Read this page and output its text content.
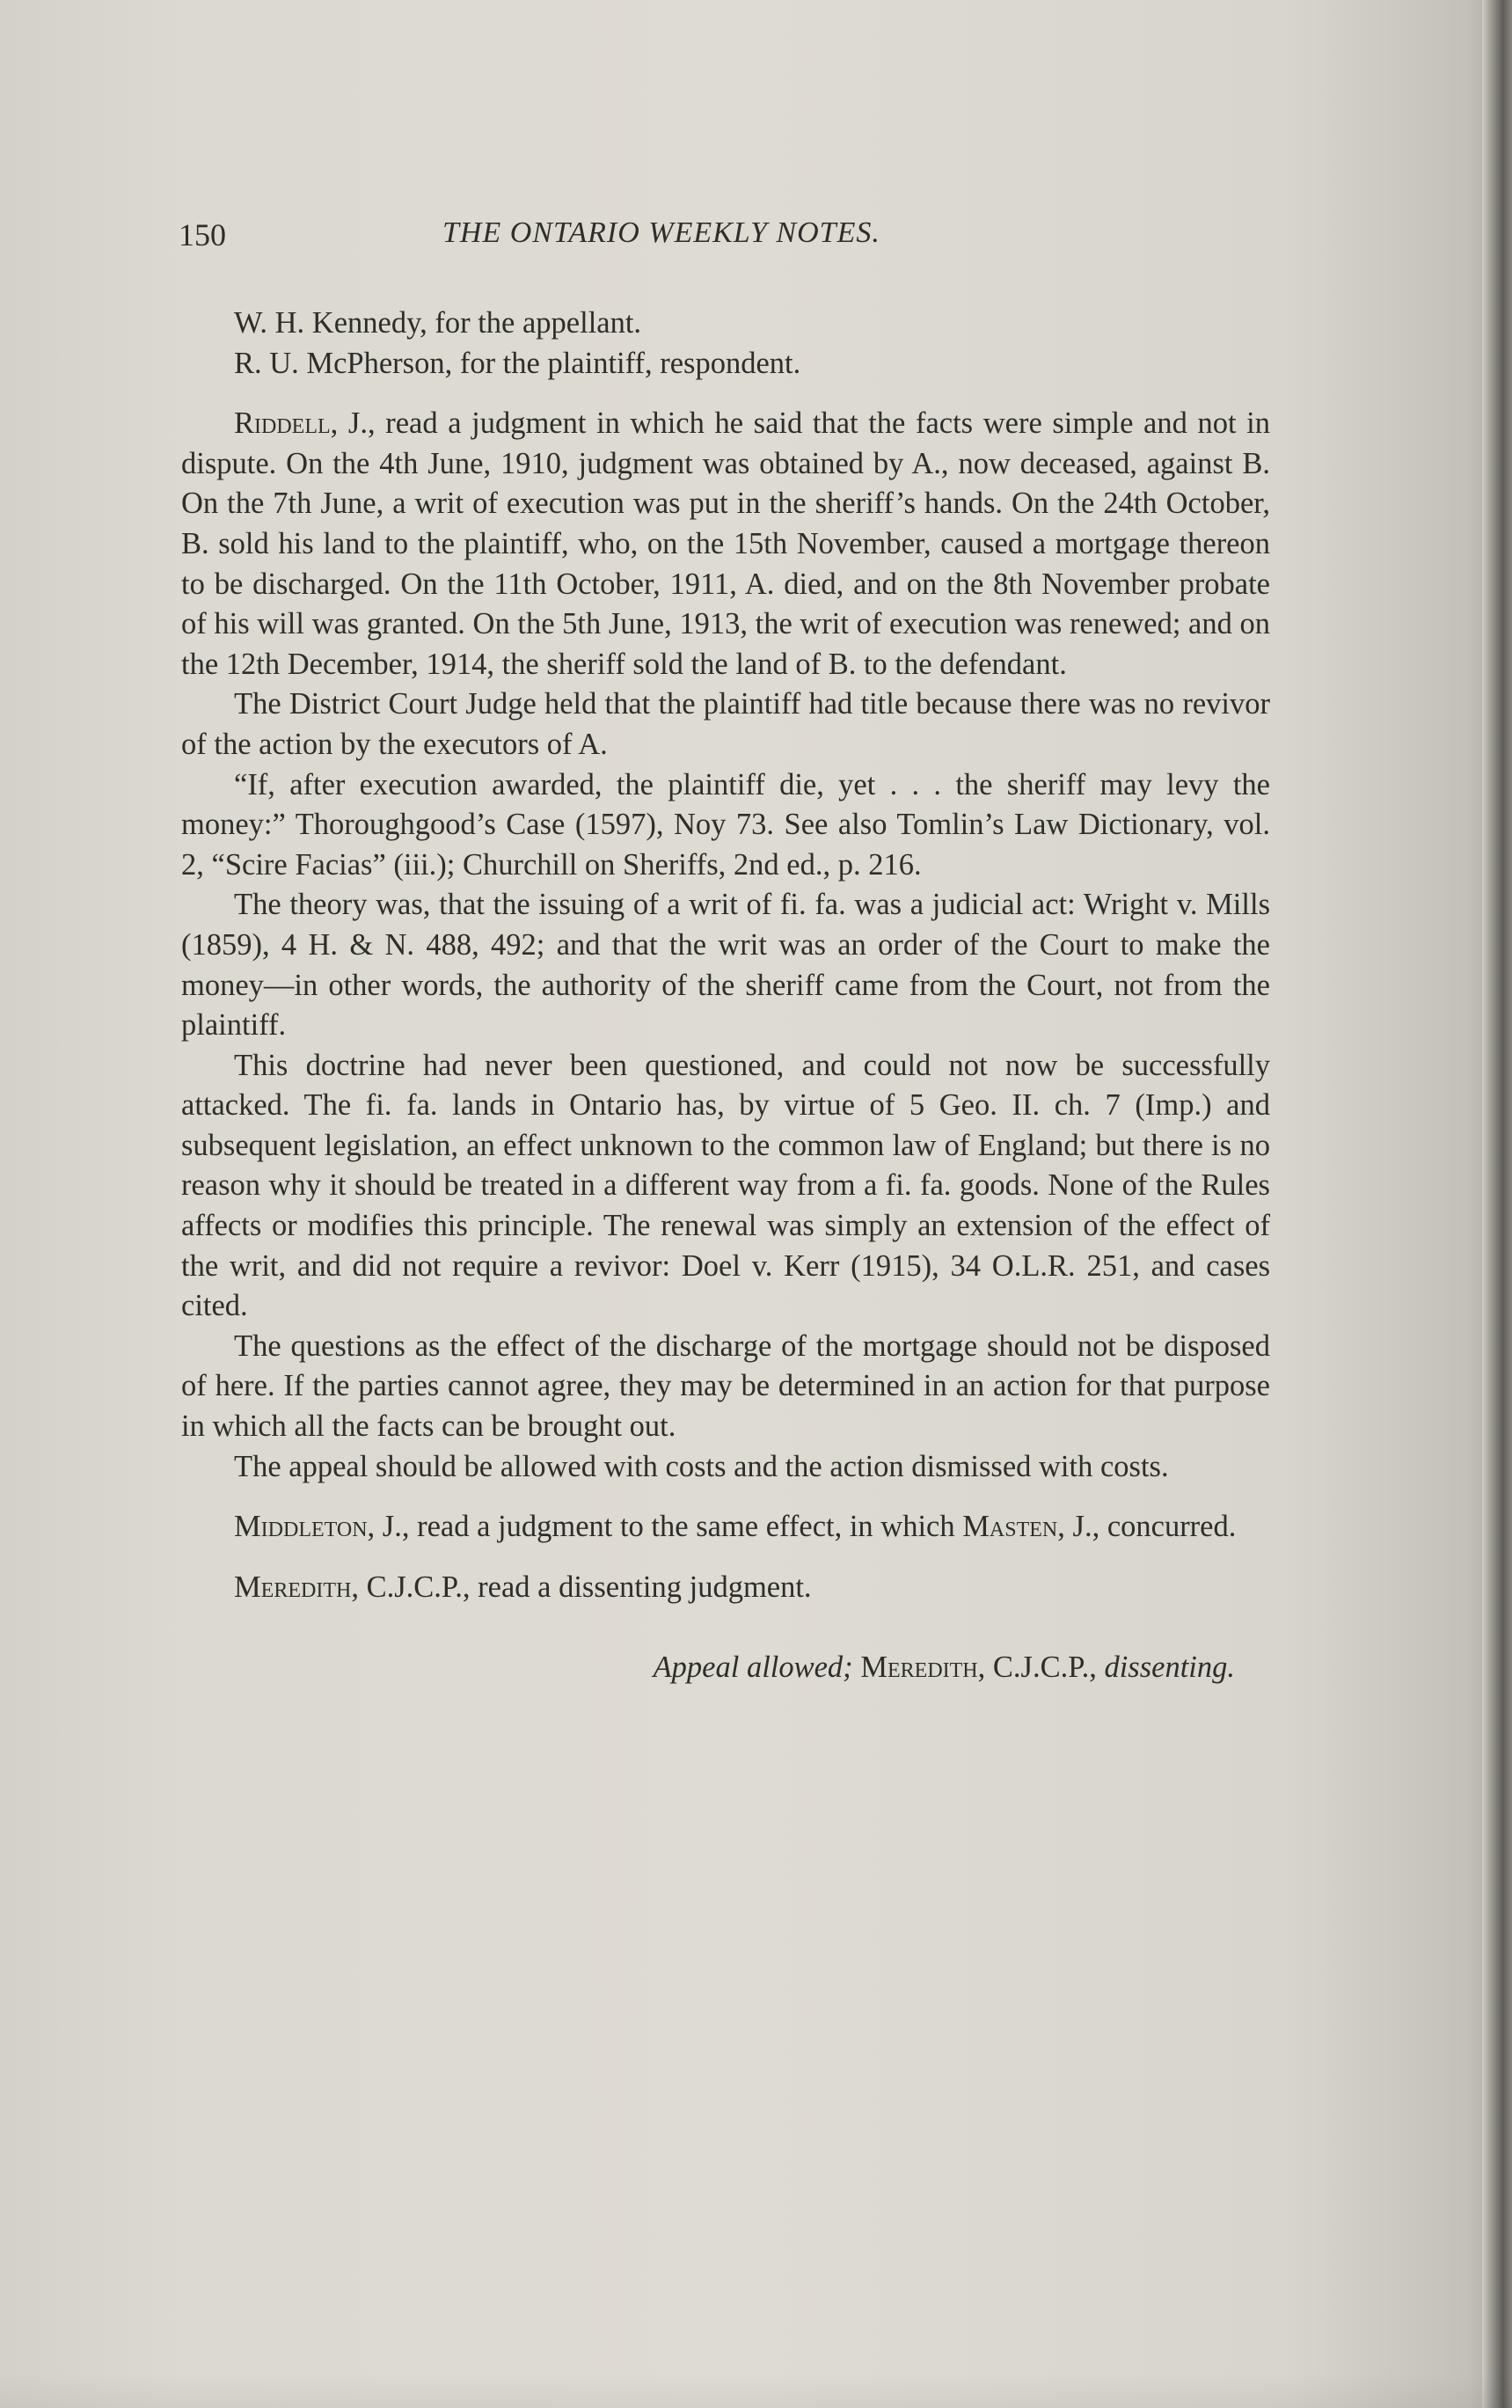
150	THE ONTARIO WEEKLY NOTES.

W. H. Kennedy, for the appellant.

R. U. McPherson, for the plaintiff, respondent.

Riddell, J., read a judgment in which he said that the facts were simple and not in dispute. On the 4th June, 1910, judgment was obtained by A., now deceased, against B. On the 7th June, a writ of execution was put in the sheriff’s hands. On the 24th October, B. sold his land to the plaintiff, who, on the 15th November, caused a mortgage thereon to be discharged. On the 11th October, 1911, A. died, and on the 8th November probate of his will was granted. On the 5th June, 1913, the writ of execution was renewed; and on the 12th December, 1914, the sheriff sold the land of B. to the defendant.

The District Court Judge held that the plaintiff had title because there was no revivor of the action by the executors of A.

“If, after execution awarded, the plaintiff die, yet . . . the sheriff may levy the money:” Thoroughgood’s Case (1597), Noy 73. See also Tomlin’s Law Dictionary, vol. 2, “Scire Facias” (iii.); Churchill on Sheriffs, 2nd ed., p. 216.

The theory was, that the issuing of a writ of fi. fa. was a judicial act: Wright v. Mills (1859), 4 H. & N. 488, 492; and that the writ was an order of the Court to make the money—in other words, the authority of the sheriff came from the Court, not from the plaintiff.

This doctrine had never been questioned, and could not now be successfully attacked. The fi. fa. lands in Ontario has, by virtue of 5 Geo. II. ch. 7 (Imp.) and subsequent legislation, an effect unknown to the common law of England; but there is no reason why it should be treated in a different way from a fi. fa. goods. None of the Rules affects or modifies this principle. The renewal was simply an extension of the effect of the writ, and did not require a revivor: Doel v. Kerr (1915), 34 O.L.R. 251, and cases cited.

The questions as the effect of the discharge of the mortgage should not be disposed of here. If the parties cannot agree, they may be determined in an action for that purpose in which all the facts can be brought out.

The appeal should be allowed with costs and the action dismissed with costs.

Middleton, J., read a judgment to the same effect, in which Masten, J., concurred.

Meredith, C.J.C.P., read a dissenting judgment.

Appeal allowed; Meredith, C.J.C.P., dissenting.
